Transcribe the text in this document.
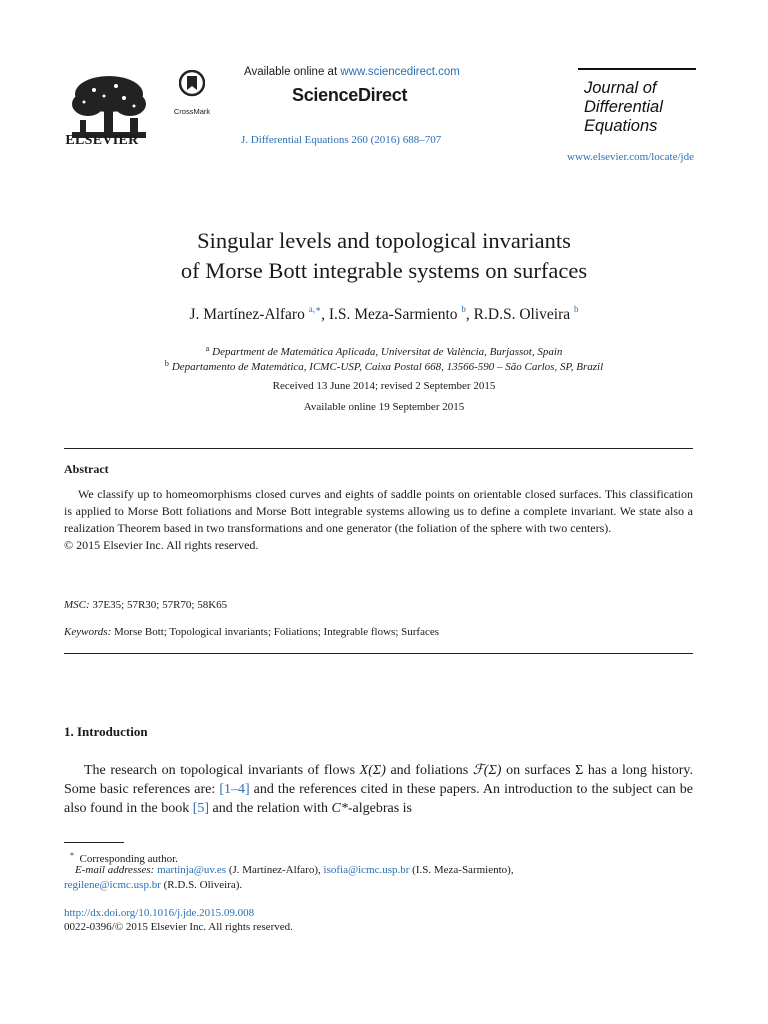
ELSEVIER
CrossMark
Available online at www.sciencedirect.com
ScienceDirect
J. Differential Equations 260 (2016) 688–707
Journal of
Differential
Equations
www.elsevier.com/locate/jde
Singular levels and topological invariants
of Morse Bott integrable systems on surfaces
J. Martínez-Alfaro $^{a,∗}$, I.S. Meza-Sarmiento $^b$, R.D.S. Oliveira $^b$
$^a$ Department de Matemática Aplicada, Universitat de València, Burjassot, Spain
$^b$ Departamento de Matemática, ICMC-USP, Caixa Postal 668, 13566-590 – São Carlos, SP, Brazil
Received 13 June 2014; revised 2 September 2015
Available online 19 September 2015
Abstract
We classify up to homeomorphisms closed curves and eights of saddle points on orientable closed surfaces. This classification is applied to Morse Bott foliations and Morse Bott integrable systems allowing us to define a complete invariant. We state also a realization Theorem based in two transformations and one generator (the foliation of the sphere with two centers).
© 2015 Elsevier Inc. All rights reserved.
MSC: 37E35; 57R30; 57R70; 58K65
Keywords: Morse Bott; Topological invariants; Foliations; Integrable flows; Surfaces
1. Introduction
The research on topological invariants of flows X(Σ) and foliations ℱ(Σ) on surfaces Σ has a long history. Some basic references are: [1–4] and the references cited in these papers. An introduction to the subject can be also found in the book [5] and the relation with C*-algebras is
* Corresponding author.
E-mail addresses: martinja@uv.es (J. Martínez-Alfaro), isofia@icmc.usp.br (I.S. Meza-Sarmiento),
regilene@icmc.usp.br (R.D.S. Oliveira).
http://dx.doi.org/10.1016/j.jde.2015.09.008
0022-0396/© 2015 Elsevier Inc. All rights reserved.
